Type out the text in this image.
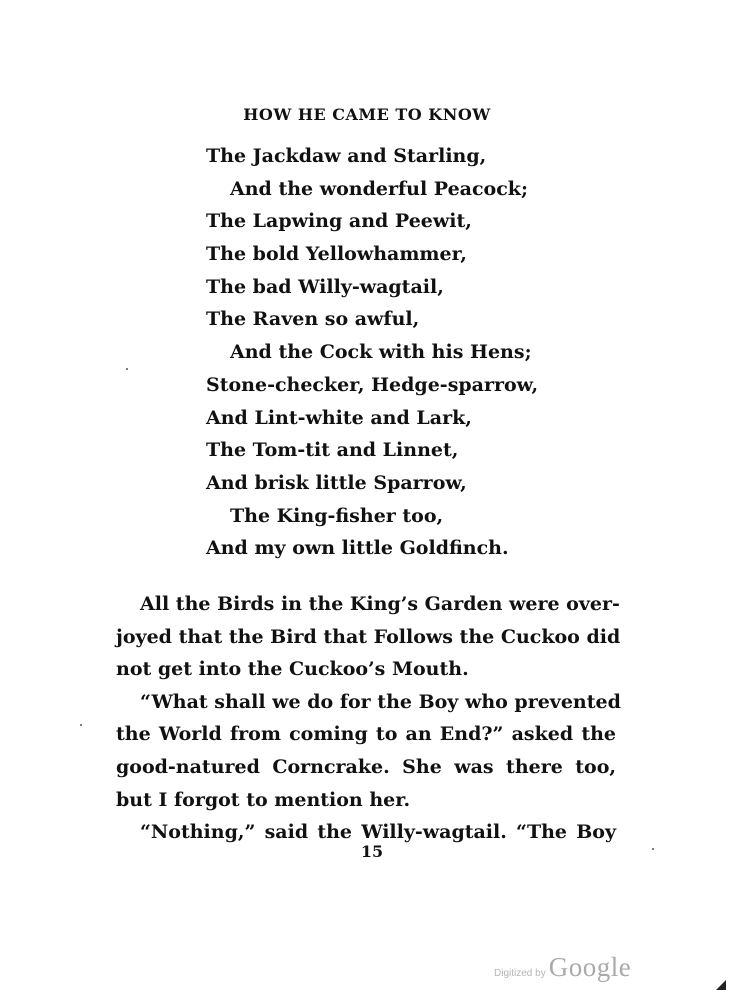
HOW HE CAME TO KNOW
The Jackdaw and Starling,
And the wonderful Peacock;
The Lapwing and Peewit,
The bold Yellowhammer,
The bad Willy-wagtail,
The Raven so awful,
And the Cock with his Hens;
Stone-checker, Hedge-sparrow,
And Lint-white and Lark,
The Tom-tit and Linnet,
And brisk little Sparrow,
The King-fisher too,
And my own little Goldfinch.

All the Birds in the King’s Garden were over-
joyed that the Bird that Follows the Cuckoo did
not get into the Cuckoo’s Mouth.

“What shall we do for the Boy who prevented
the World from coming to an End?” asked the
good-natured Corncrake. She was there too,
but I forgot to mention her.

“Nothing,” said the Willy-wagtail. “The Boy

15
Digitized by Google
